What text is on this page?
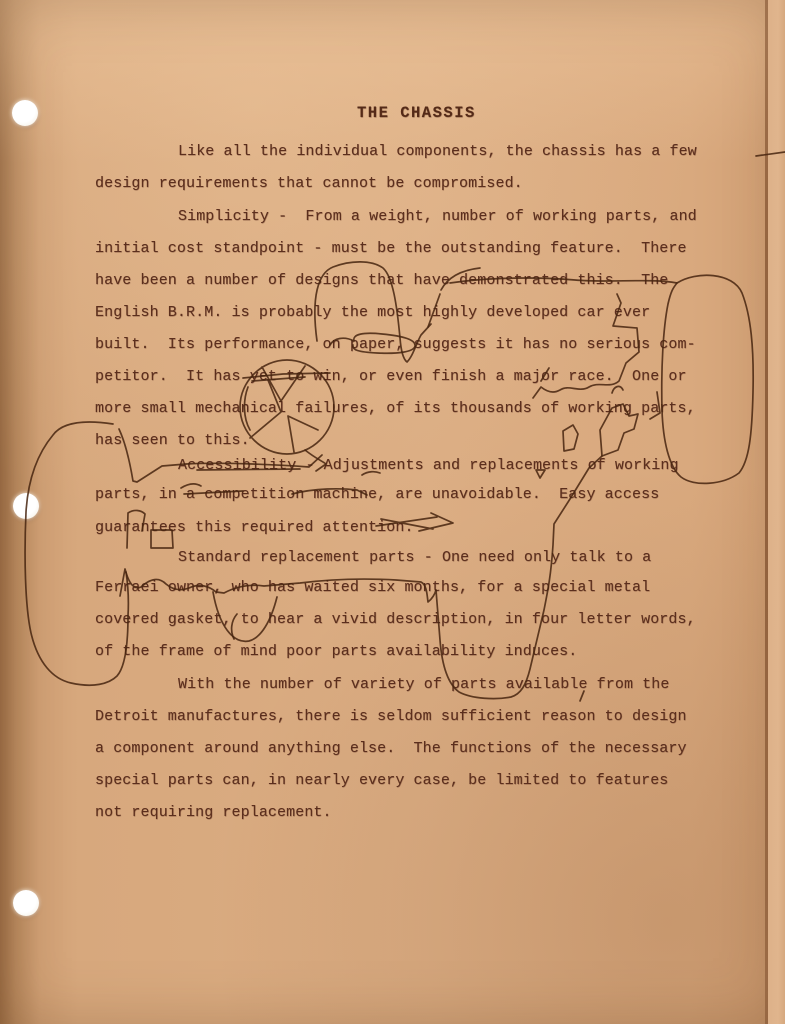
THE CHASSIS
Like all the individual components, the chassis has a few
design requirements that cannot be compromised.
Simplicity -  From a weight, number of working parts, and
initial cost standpoint - must be the outstanding feature.  There
have been a number of designs that have demonstrated this.  The
English B.R.M. is probably the most highly developed car ever
built.  Its performance, on paper, suggests it has no serious com-
petitor.  It has yet to win, or even finish a major race.  One or
more small mechanical failures, of its thousands of working parts,
has seen to this.
Accessibility - Adjustments and replacements of working
parts, in a competition machine, are unavoidable.  Easy access
guarantees this required attention.
Standard replacement parts - One need only talk to a
Ferraei owner, who has waited six months, for a special metal
covered gasket, to hear a vivid description, in four letter words,
of the frame of mind poor parts availability induces.
With the number of variety of parts available from the
Detroit manufactures, there is seldom sufficient reason to design
a component around anything else.  The functions of the necessary
special parts can, in nearly every case, be limited to features
not requiring replacement.
